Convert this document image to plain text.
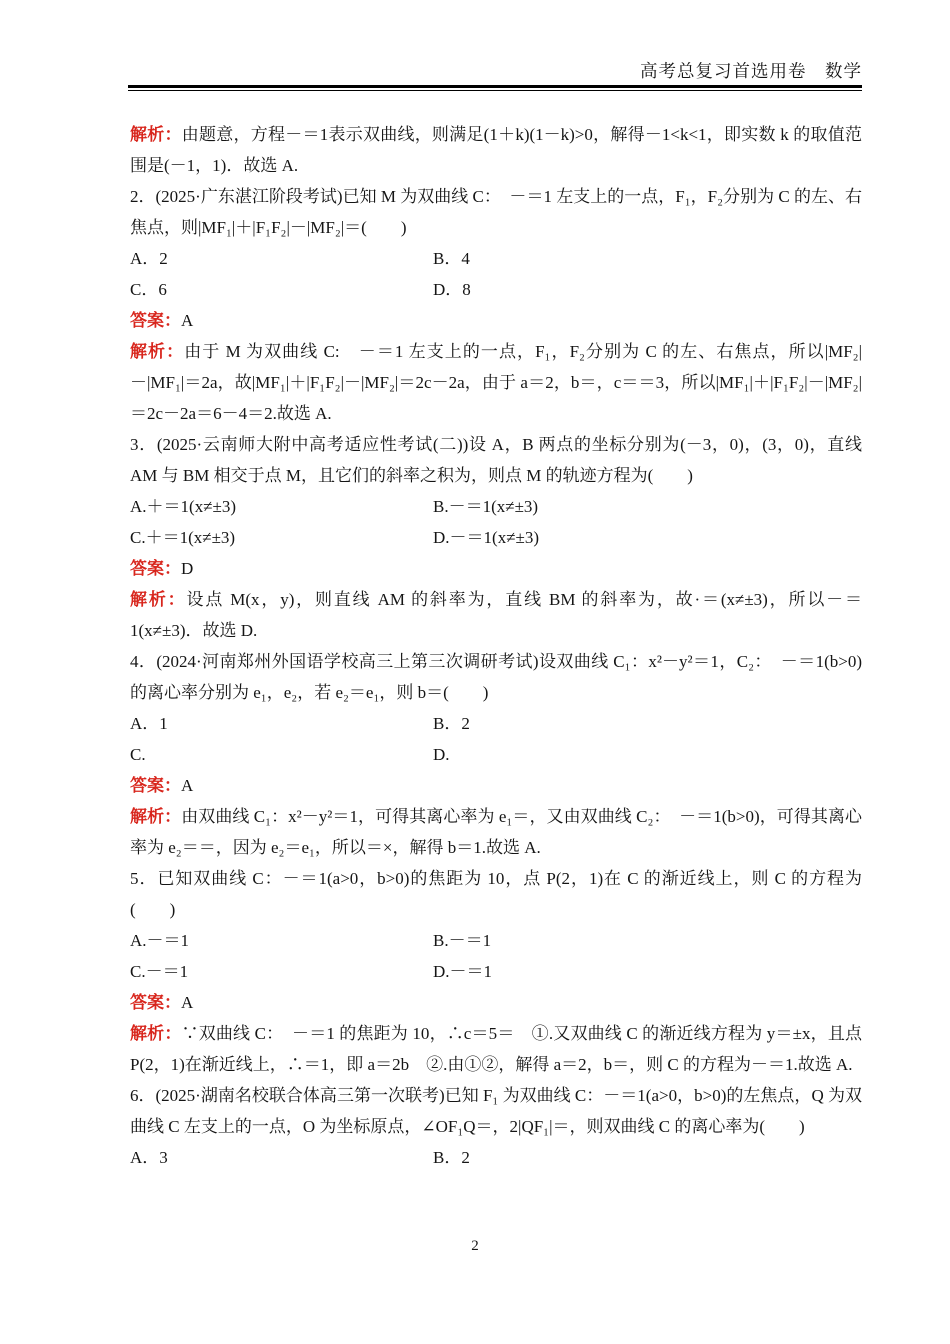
高考总复习首选用卷　数学

解析：由题意，方程－＝1表示双曲线，则满足(1＋k)(1－k)>0，解得－1<k<1，即实数 k 的取值范围是(－1，1)．故选 A.

2．(2025·广东湛江阶段考试)已知 M 为双曲线 C：　－＝1 左支上的一点，F₁，F₂分别为 C 的左、右焦点，则|MF₁|＋|F₁F₂|－|MF₂|＝(　　)

A．2	B．4
C．6	D．8

答案：A

解析：由于 M 为双曲线 C:　－＝1 左支上的一点，F₁，F₂分别为 C 的左、右焦点，所以|MF₂|－|MF₁|＝2a，故|MF₁|＋|F₁F₂|－|MF₂|＝2c－2a，由于 a＝2，b＝，c＝＝3，所以|MF₁|＋|F₁F₂|－|MF₂|＝2c－2a＝6－4＝2.故选 A.

3．(2025·云南师大附中高考适应性考试(二))设 A，B 两点的坐标分别为(－3，0)，(3，0)，直线 AM 与 BM 相交于点 M，且它们的斜率之积为，则点 M 的轨迹方程为(　　)

A.＋＝1(x≠±3)	B.－＝1(x≠±3)
C.＋＝1(x≠±3)	D.－＝1(x≠±3)

答案：D

解析：设点 M(x，y)，则直线 AM 的斜率为，直线 BM 的斜率为，故·＝(x≠±3)，所以－＝1(x≠±3)．故选 D.

4．(2024·河南郑州外国语学校高三上第三次调研考试)设双曲线 C₁：x²－y²＝1，C₂：　－＝1(b>0)的离心率分别为 e₁，e₂，若 e₂＝e₁，则 b＝(　　)

A．1	B．2
C.	D.

答案：A

解析：由双曲线 C₁：x²－y²＝1，可得其离心率为 e₁＝，又由双曲线 C₂：　－＝1(b>0)，可得其离心率为 e₂＝＝，因为 e₂＝e₁，所以＝×，解得 b＝1.故选 A.

5．已知双曲线 C：－＝1(a>0，b>0)的焦距为 10，点 P(2，1)在 C 的渐近线上，则 C 的方程为(　　)

A.－＝1	B.－＝1
C.－＝1	D.－＝1

答案：A

解析：∵双曲线 C：　－＝1 的焦距为 10，∴c＝5＝　①.又双曲线 C 的渐近线方程为 y＝±x，且点 P(2，1)在渐近线上，∴＝1，即 a＝2b　②.由①②，解得 a＝2，b＝，则 C 的方程为－＝1.故选 A.

6．(2025·湖南名校联合体高三第一次联考)已知 F₁ 为双曲线 C：－＝1(a>0，b>0)的左焦点，Q 为双曲线 C 左支上的一点，O 为坐标原点，∠OF₁Q＝，2|QF₁|＝，则双曲线 C 的离心率为(　　)

A．3	B．2
2
